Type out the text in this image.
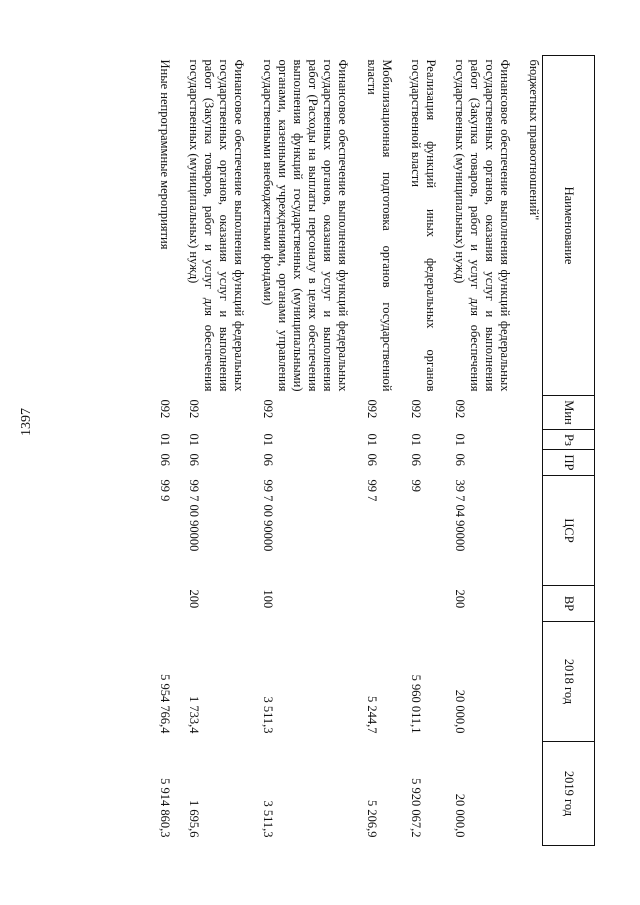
1397
Наименование	Мин	Рз	ПР	ЦСР	ВР	2018 год	2019 год
бюджетных правоотношений"							

Финансовое обеспечение выполнения функций федеральных государственных органов, оказания услуг и выполнения работ (Закупка товаров, работ и услуг для обеспечения государственных (муниципальных) нужд)	092	01	06	39 7 04 90000	200	20 000,0	20 000,0

Реализация функций иных федеральных органов государственной власти	092	01	06	99		5 960 011,1	5 920 067,2

Мобилизационная подготовка органов государственной власти	092	01	06	99 7		5 244,7	5 206,9

Финансовое обеспечение выполнения функций федеральных государственных органов, оказания услуг и выполнения работ (Расходы на выплаты персоналу в целях обеспечения выполнения функций государственных (муниципальными) органами, казенными учреждениями, органами управления государственными внебюджетными фондами)	092	01	06	99 7 00 90000	100	3 511,3	3 511,3

Финансовое обеспечение выполнения функций федеральных государственных органов, оказания услуг и выполнения работ (Закупка товаров, работ и услуг для обеспечения государственных (муниципальных) нужд)	092	01	06	99 7 00 90000	200	1 733,4	1 695,6

Иные непрограммные мероприятия	092	01	06	99 9		5 954 766,4	5 914 860,3
